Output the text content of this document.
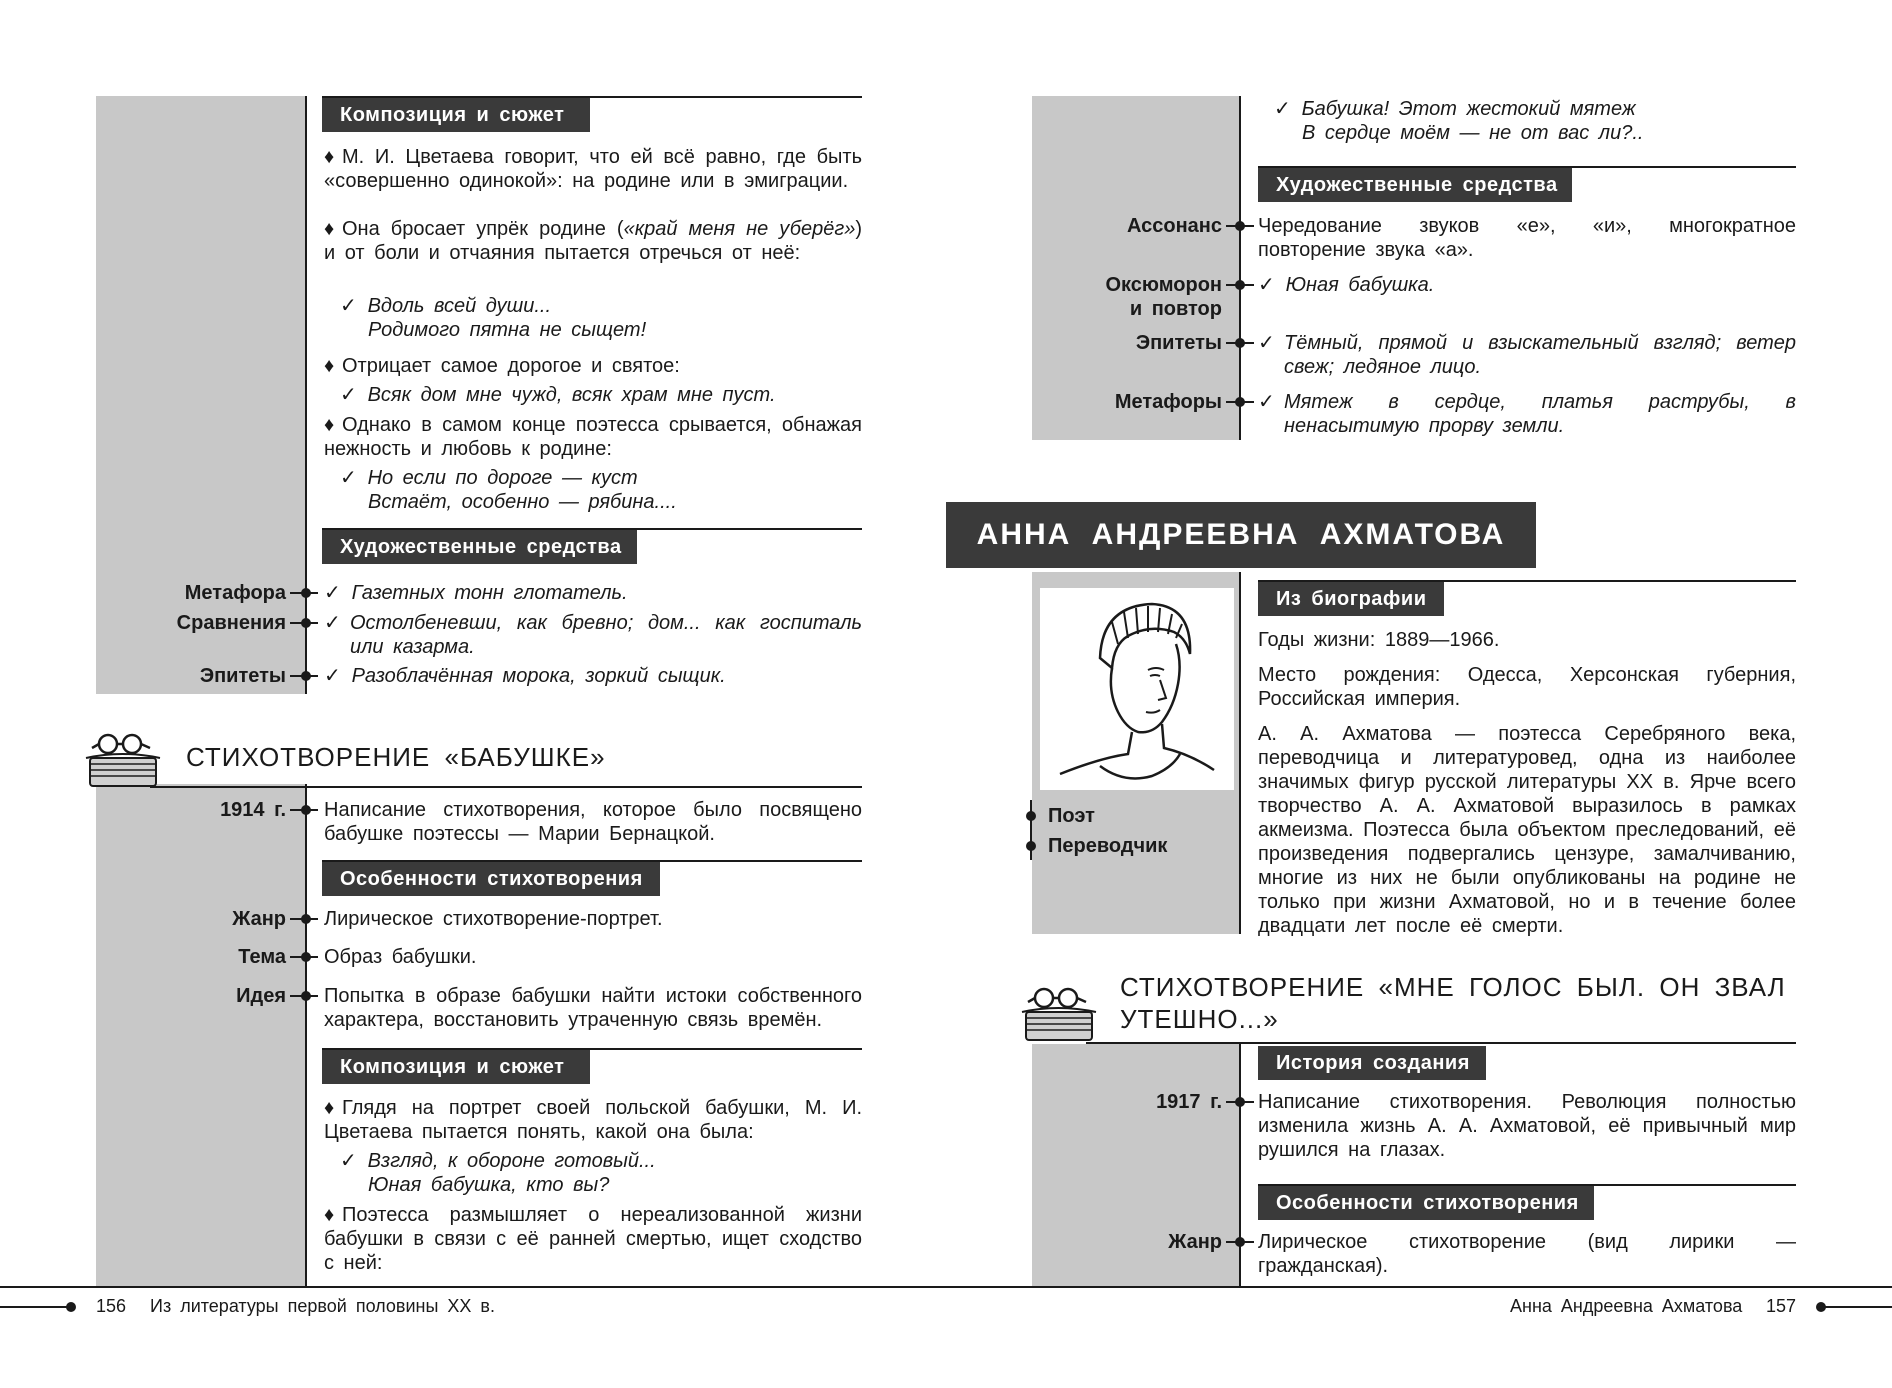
Композиция и сюжет
♦ М. И. Цветаева говорит, что ей всё равно, где быть «совершенно одинокой»: на родине или в эмиграции.
♦ Она бросает упрёк родине («край меня не уберёг») и от боли и отчаяния пытается отречься от неё:
✓ Вдоль всей души...
Родимого пятна не сыщет!
♦ Отрицает самое дорогое и святое:
✓ Всяк дом мне чужд, всяк храм мне пуст.
♦ Однако в самом конце поэтесса срывается, обнажая нежность и любовь к родине:
✓ Но если по дороге — куст
Встаёт, особенно — рябина....
Художественные средства
Метафора ✓ Газетных тонн глотатель.
Сравнения ✓ Остолбеневши, как бревно; дом... как госпиталь или казарма.
Эпитеты ✓ Разоблачённая морока, зоркий сыщик.
СТИХОТВОРЕНИЕ «БАБУШКЕ»
1914 г. Написание стихотворения, которое было посвящено бабушке поэтессы — Марии Бернацкой.
Особенности стихотворения
Жанр Лирическое стихотворение-портрет.
Тема Образ бабушки.
Идея Попытка в образе бабушки найти истоки собственного характера, восстановить утраченную связь времён.
Композиция и сюжет
♦ Глядя на портрет своей польской бабушки, М. И. Цветаева пытается понять, какой она была:
✓ Взгляд, к обороне готовый...
Юная бабушка, кто вы?
♦ Поэтесса размышляет о нереализованной жизни бабушки в связи с её ранней смертью, ищет сходство с ней:
156 Из литературы первой половины XX в.
✓ Бабушка! Этот жестокий мятеж
В сердце моём — не от вас ли?..
Художественные средства
Ассонанс Чередование звуков «е», «и», многократное повторение звука «а».
Оксюморон
и повтор
✓ Юная бабушка.
Эпитеты ✓ Тёмный, прямой и взыскательный взгляд; ветер свеж; ледяное лицо.
Метафоры ✓ Мятеж в сердце, платья раструбы, в ненасытимую прорву земли.
АННА АНДРЕЕВНА АХМАТОВА
Поэт
Переводчик
Из биографии
Годы жизни: 1889—1966.
Место рождения: Одесса, Херсонская губерния, Российская империя.
А. А. Ахматова — поэтесса Серебряного века, переводчица и литературовед, одна из наиболее значимых фигур русской литературы XX в. Ярче всего творчество А. А. Ахматовой выразилось в рамках акмеизма. Поэтесса была объектом преследований, её произведения подвергались цензуре, замалчиванию, многие из них не были опубликованы на родине не только при жизни Ахматовой, но и в течение более двадцати лет после её смерти.
СТИХОТВОРЕНИЕ «МНЕ ГОЛОС БЫЛ. ОН ЗВАЛ
УТЕШНО...»
История создания
1917 г. Написание стихотворения. Революция полностью изменила жизнь А. А. Ахматовой, её привычный мир рушился на глазах.
Особенности стихотворения
Жанр Лирическое стихотворение (вид лирики — гражданская).
Анна Андреевна Ахматова 157
